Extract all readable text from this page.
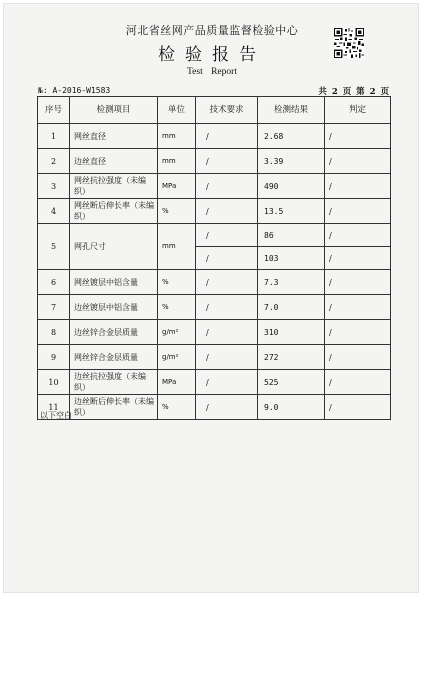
河北省丝网产品质量监督检验中心
检验报告
Test Report
№: A-2016-W1583	共 2 页 第 2 页
序号	检测项目	单位	技术要求	检测结果	判定
1	网丝直径	mm	/	2.68	/
2	边丝直径	mm	/	3.39	/
3	网丝抗拉强度（未编织）	MPa	/	490	/
4	网丝断后伸长率（未编织）	%	/	13.5	/
5	网孔尺寸	mm	/	86	/
			/	103	/
6	网丝镀层中铝含量	%	/	7.3	/
7	边丝镀层中铝含量	%	/	7.0	/
8	边丝锌合金层质量	g/m²	/	310	/
9	网丝锌合金层质量	g/m²	/	272	/
10	边丝抗拉强度（未编织）	MPa	/	525	/
11	边丝断后伸长率（未编织）	%	/	9.0	/
以下空白
